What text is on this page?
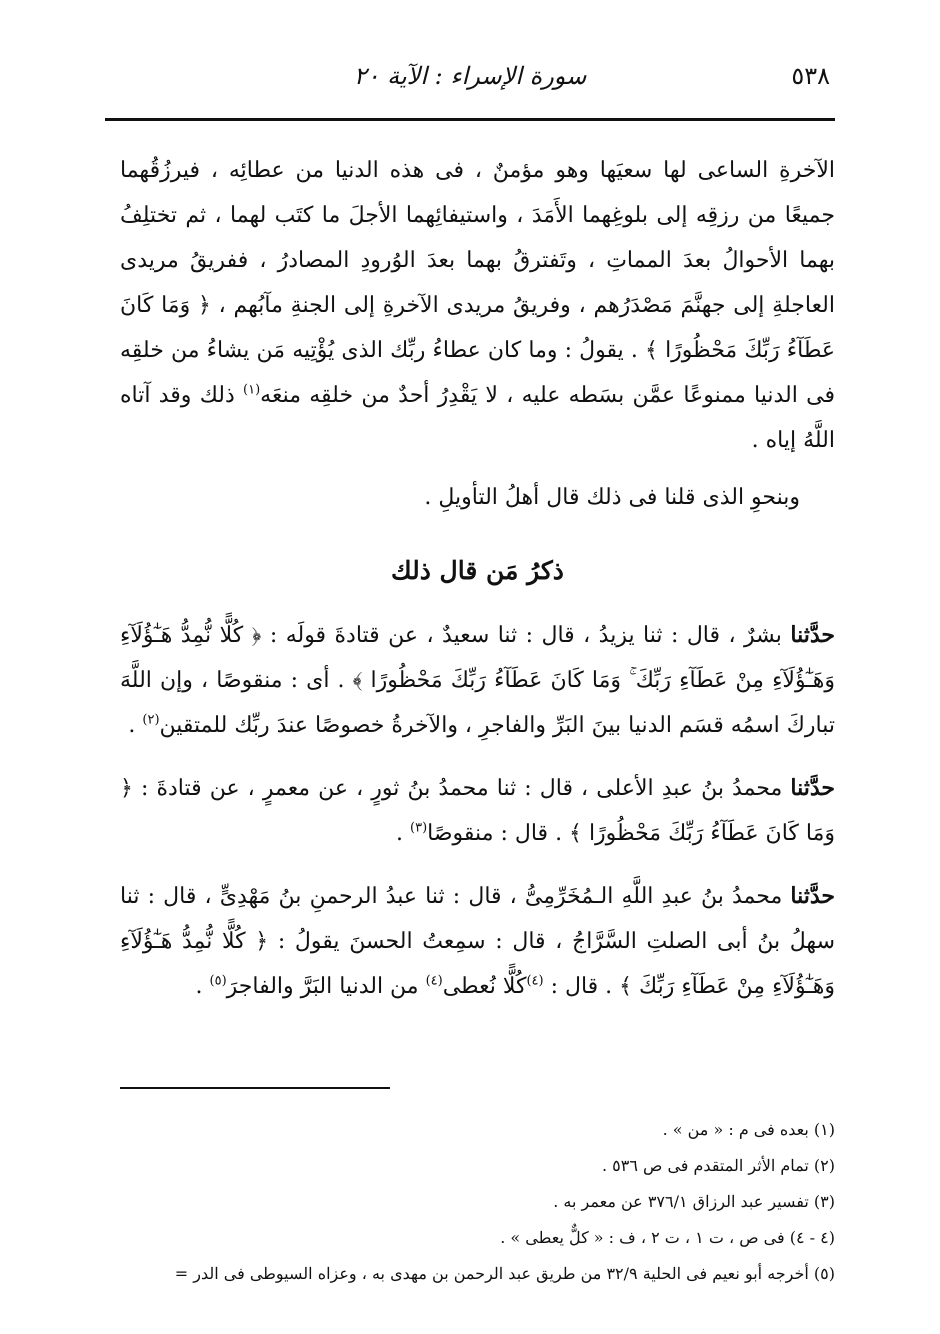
٥٣٨
سورة الإسراء : الآية ٢٠

الآخرةِ الساعى لها سعيَها وهو مؤمنٌ ، فى هذه الدنيا من عطائِه ، فيرزُقُهما جميعًا من رزقِه إلى بلوغِهما الأَمَدَ ، واستيفائِهما الأجلَ ما كتَب لهما ، ثم تختلِفُ بهما الأحوالُ بعدَ المماتِ ، وتَفترقُ بهما بعدَ الوُرودِ المصادرُ ، ففريقُ مريدى العاجلةِ إلى جهنَّمَ مَصْدَرُهم ، وفريقُ مريدى الآخرةِ إلى الجنةِ مآبُهم ، ﴿ وَمَا كَانَ عَطَآءُ رَبِّكَ مَحْظُورًا ﴾ . يقولُ : وما كان عطاءُ ربِّك الذى يُؤْتِيه مَن يشاءُ من خلقِه فى الدنيا ممنوعًا عمَّن بسَطه عليه ، لا يَقْدِرُ أحدٌ من خلقِه منعَه$^{(١)}$ ذلك وقد آتاه اللَّهُ إياه .

وبنحوِ الذى قلنا فى ذلك قال أهلُ التأويلِ .

ذكرُ مَن قال ذلك

حدَّثنا بشرٌ ، قال : ثنا يزيدُ ، قال : ثنا سعيدٌ ، عن قتادةَ قولَه : ﴿ كُلًّا نُّمِدُّ هَـٰٓؤُلَآءِ وَهَـٰٓؤُلَآءِ مِنْ عَطَآءِ رَبِّكَ ۚ وَمَا كَانَ عَطَآءُ رَبِّكَ مَحْظُورًا ﴾ . أى : منقوصًا ، وإن اللَّهَ تباركَ اسمُه قسَم الدنيا بينَ البَرِّ والفاجرِ ، والآخرةُ خصوصًا عندَ ربِّك للمتقين$^{(٢)}$ .

حدَّثنا محمدُ بنُ عبدِ الأعلى ، قال : ثنا محمدُ بنُ ثورٍ ، عن معمرٍ ، عن قتادةَ : ﴿ وَمَا كَانَ عَطَآءُ رَبِّكَ مَحْظُورًا ﴾ . قال : منقوصًا$^{(٣)}$ .

حدَّثنا محمدُ بنُ عبدِ اللَّهِ الـمُخَرِّمِىُّ ، قال : ثنا عبدُ الرحمنِ بنُ مَهْدِىٍّ ، قال : ثنا سهلُ بنُ أبى الصلتِ السَّرَّاجُ ، قال : سمِعتُ الحسنَ يقولُ : ﴿ كُلًّا نُّمِدُّ هَـٰٓؤُلَآءِ وَهَـٰٓؤُلَآءِ مِنْ عَطَآءِ رَبِّكَ ﴾ . قال : $^{(٤)}$كُلًّا نُعطى$^{(٤)}$ من الدنيا البَرَّ والفاجرَ$^{(٥)}$ .

(١) بعده فى م : « من » .

(٢) تمام الأثر المتقدم فى ص ٥٣٦ .

(٣) تفسير عبد الرزاق ٣٧٦/١ عن معمر به .

(٤ - ٤) فى ص ، ت ١ ، ت ٢ ، ف : « كلٌّ يعطى » .

(٥) أخرجه أبو نعيم فى الحلية ٣٢/٩ من طريق عبد الرحمن بن مهدى به ، وعزاه السيوطى فى الدر =
